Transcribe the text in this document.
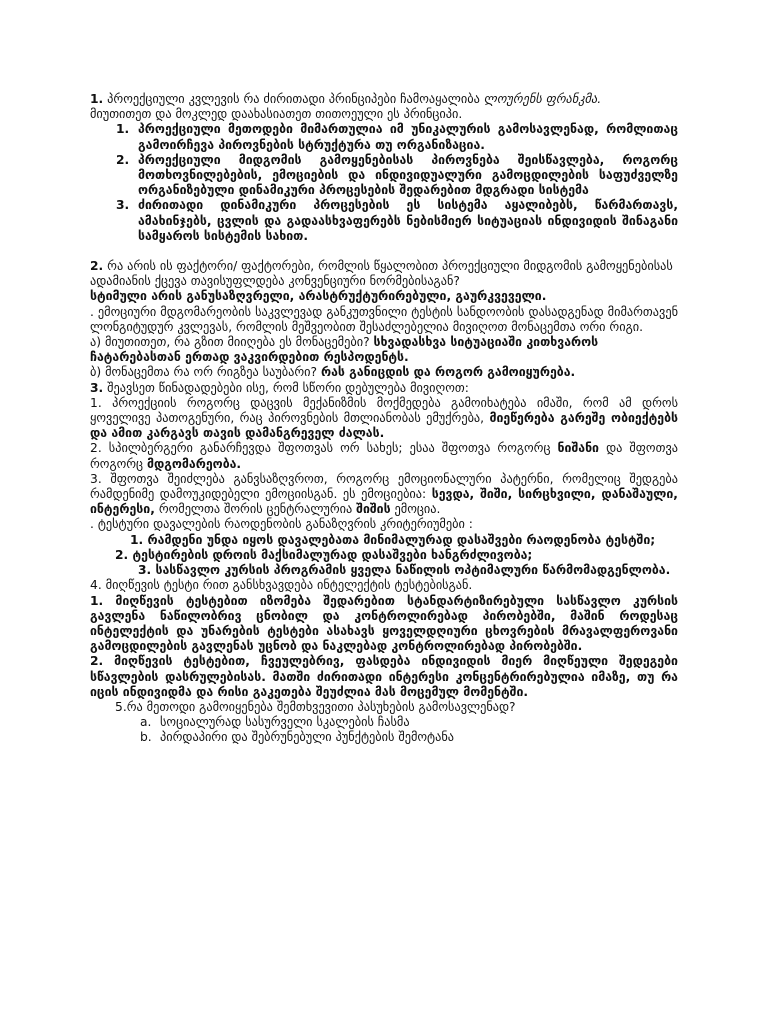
1. პროექციული კვლევის რა ძირითადი პრინციპები ჩამოაყალიბა ლოურენს ფრანკმა.

მიუთითეთ და მოკლედ დაახასიათეთ თითოეული ეს პრინციპი.

1. პროექციული მეთოდები მიმართულია იმ უნიკალურის გამოსავლენად, რომლითაც გამოირჩევა პიროვნების სტრუქტურა თუ ორგანიზაცია.
2. პროექციული მიდგომის გამოყენებისას პიროვნება შეისწავლება, როგორც მოთხოვნილებების, ემოციების და ინდივიდუალური გამოცდილების საფუძველზე ორგანიზებული დინამიკური პროცესების შედარებით მდგრადი სისტემა
3. ძირითადი დინამიკური პროცესების ეს სისტემა აყალიბებს, წარმართავს, ამახინჯებს, ცვლის და გადაასხვაფერებს ნებისმიერ სიტუაციას ინდივიდის შინაგანი სამყაროს სისტემის სახით.

2. რა არის ის ფაქტორი/ ფაქტორები, რომლის წყალობით პროექციული მიდგომის გამოყენებისას ადამიანის ქცევა თავისუფლდება კონვენციური ნორმებისაგან?

სტიმული არის განუსაზღვრელი, არასტრუქტურირებული, გაურკვეველი.

. ემოციური მდგომარეობის საკვლევად განკუთვნილი ტესტის სანდოობის დასადგენად მიმართავენ ლონგიტუდურ კვლევას, რომლის მეშვეობით შესაძლებელია მივიღოთ მონაცემთა ორი რიგი.

ა) მიუთითეთ, რა გზით მიიღება ეს მონაცემები? სხვადასხვა სიტუაციაში კითხვაროს ჩატარებასთან ერთად ვაკვირდებით რესპოდენტს.

ბ) მონაცემთა რა ორ რიგზეა საუბარი? რას განიცდის და როგორ გამოიყურება.

3. შეავსეთ წინადადებები ისე, რომ სწორი დებულება მივიღოთ:

1. პროექციის როგორც დაცვის მექანიზმის მოქმედება გამოიხატება იმაში, რომ ამ დროს ყოველივე პათოგენური, რაც პიროვნების მთლიანობას ემუქრება, მიეწერება გარეშე ობიექტებს და ამით კარგავს თავის დამანგრეველ ძალას.

2. სპილბერგერი განარჩევდა შფოთვას ორ სახეს; ესაა შფოთვა როგორც ნიშანი და შფოთვა როგორც მდგომარეობა.

3. შფოთვა შეიძლება განვსაზღვროთ, როგორც ემოციონალური პატერნი, რომელიც შედგება რამდენიმე დამოუკიდებელი ემოციისგან. ეს ემოციებია: სევდა, შიში, სირცხვილი, დანაშაული, ინტერესი, რომელთა შორის ცენტრალურია შიშის ემოცია.

. ტესტური დავალების რაოდენობის განაზღვრის კრიტერიუმები :

1. რამდენი უნდა იყოს დავალებათა მინიმალურად დასაშვები რაოდენობა ტესტში;

2. ტესტირების დროის მაქსიმალურად დასაშვები ხანგრძლივობა;

3. სასწავლო კურსის პროგრამის ყველა ნაწილის ოპტიმალური წარმომადგენლობა.

4. მიღწევის ტესტი რით განსხვავდება ინტელექტის ტესტებისგან.

1. მიღწევის ტესტებით იზომება შედარებით სტანდარტიზირებული სასწავლო კურსის გავლენა ნაწილობრივ ცნობილ და კონტროლირებად პირობებში, მაშინ როდესაც ინტელექტის და უნარების ტესტები ასახავს ყოველდღიური ცხოვრების მრავალფეროვანი გამოცდილების გავლენას უცნობ და ნაკლებად კონტროლირებად პირობებში.

2. მიღწევის ტესტებით, ჩვეულებრივ, ფასდება ინდივიდის მიერ მიღწეული შედეგები სწავლების დასრულებისას. მათში ძირითადი ინტერესი კონცენტრირებულია იმაზე, თუ რა იცის ინდივიდმა და რისი გაკეთება შეუძლია მას მოცემულ მომენტში.

5.რა მეთოდი გამოიყენება შემთხვევითი პასუხების გამოსავლენად?

a. სოციალურად სასურველი სკალების ჩასმა
b. პირდაპირი და შებრუნებული პუნქტების შემოტანა
